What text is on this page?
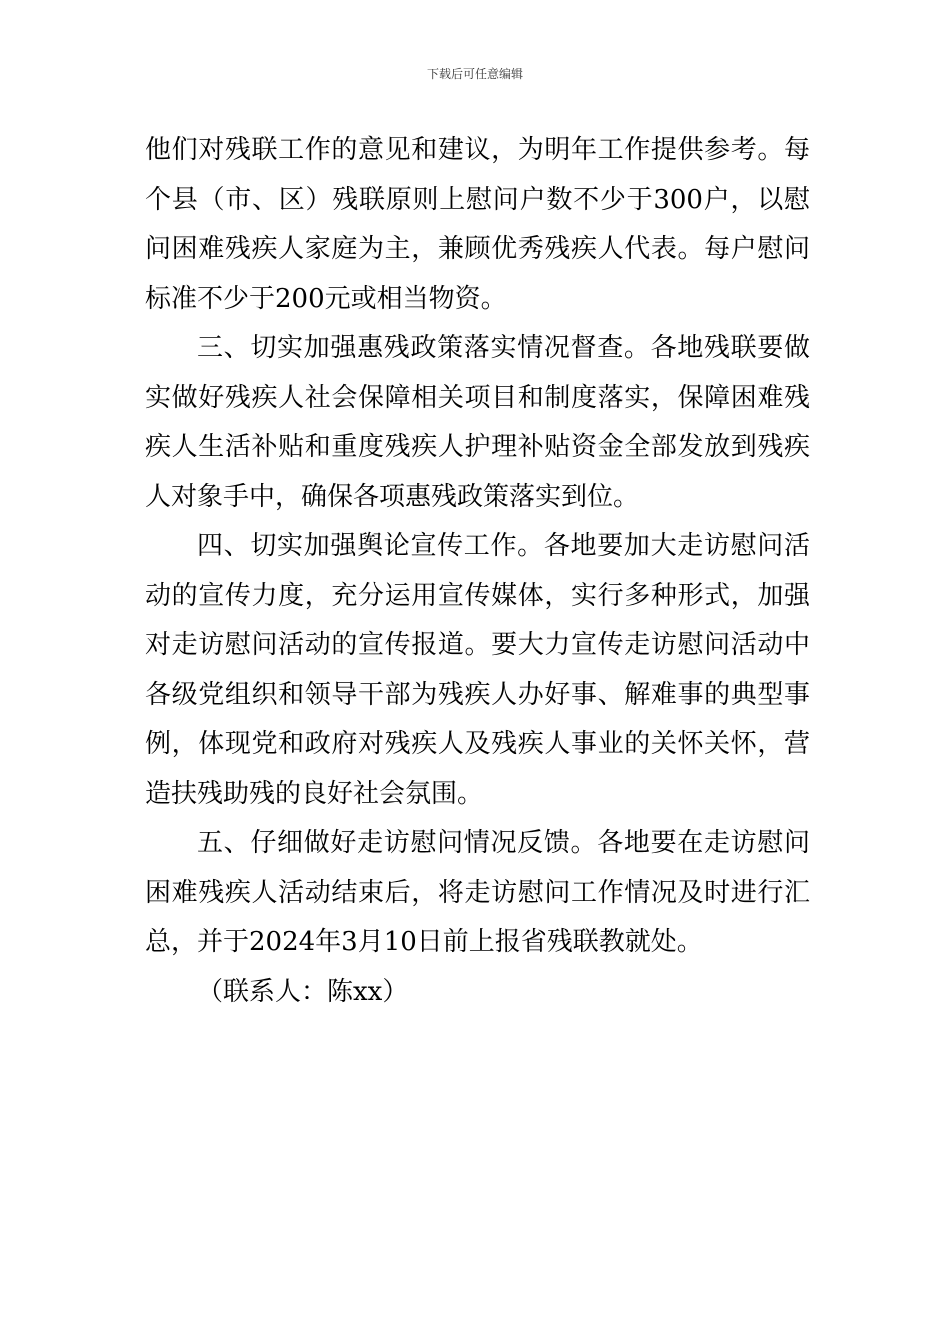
下载后可任意编辑

他们对残联工作的意见和建议，为明年工作提供参考。每个县（市、区）残联原则上慰问户数不少于300户，以慰问困难残疾人家庭为主，兼顾优秀残疾人代表。每户慰问标准不少于200元或相当物资。

三、切实加强惠残政策落实情况督查。各地残联要做实做好残疾人社会保障相关项目和制度落实，保障困难残疾人生活补贴和重度残疾人护理补贴资金全部发放到残疾人对象手中，确保各项惠残政策落实到位。

四、切实加强舆论宣传工作。各地要加大走访慰问活动的宣传力度，充分运用宣传媒体，实行多种形式，加强对走访慰问活动的宣传报道。要大力宣传走访慰问活动中各级党组织和领导干部为残疾人办好事、解难事的典型事例，体现党和政府对残疾人及残疾人事业的关怀关怀，营造扶残助残的良好社会氛围。

五、仔细做好走访慰问情况反馈。各地要在走访慰问困难残疾人活动结束后，将走访慰问工作情况及时进行汇总，并于2024年3月10日前上报省残联教就处。

（联系人：陈xx）
